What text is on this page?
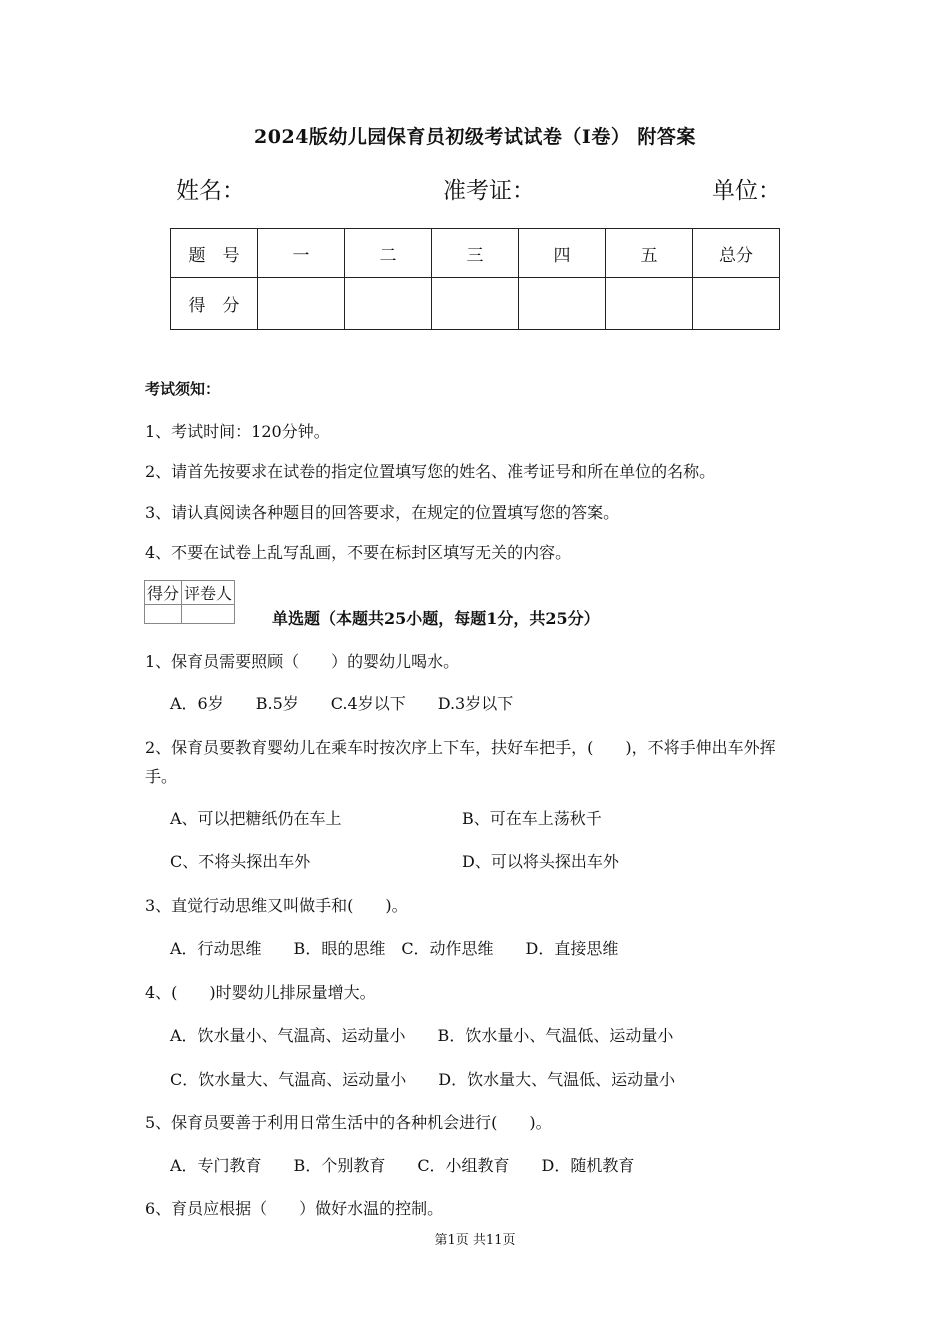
2024版幼儿园保育员初级考试试卷（I卷） 附答案
姓名：	准考证：	单位：
题　号	一	二	三	四	五	总分
得　分						
考试须知：
1、考试时间：120分钟。
2、请首先按要求在试卷的指定位置填写您的姓名、准考证号和所在单位的名称。
3、请认真阅读各种题目的回答要求，在规定的位置填写您的答案。
4、不要在试卷上乱写乱画，不要在标封区填写无关的内容。
得分	评卷人

单选题（本题共25小题，每题1分，共25分）
1、保育员需要照顾（　　）的婴幼儿喝水。
A．6岁　　B.5岁　　C.4岁以下　　D.3岁以下
2、保育员要教育婴幼儿在乘车时按次序上下车，扶好车把手，(　　)，不将手伸出车外挥
手。
A、可以把糖纸仍在车上	B、可在车上荡秋千
C、不将头探出车外	D、可以将头探出车外
3、直觉行动思维又叫做手和(　　)。
A．行动思维　　B．眼的思维　C．动作思维　　D．直接思维
4、(　　)时婴幼儿排尿量增大。
A．饮水量小、气温高、运动量小　　B．饮水量小、气温低、运动量小
C．饮水量大、气温高、运动量小　　D．饮水量大、气温低、运动量小
5、保育员要善于利用日常生活中的各种机会进行(　　)。
A．专门教育　　B．个别教育　　C．小组教育　　D．随机教育
6、育员应根据（　　）做好水温的控制。
第1页 共11页
